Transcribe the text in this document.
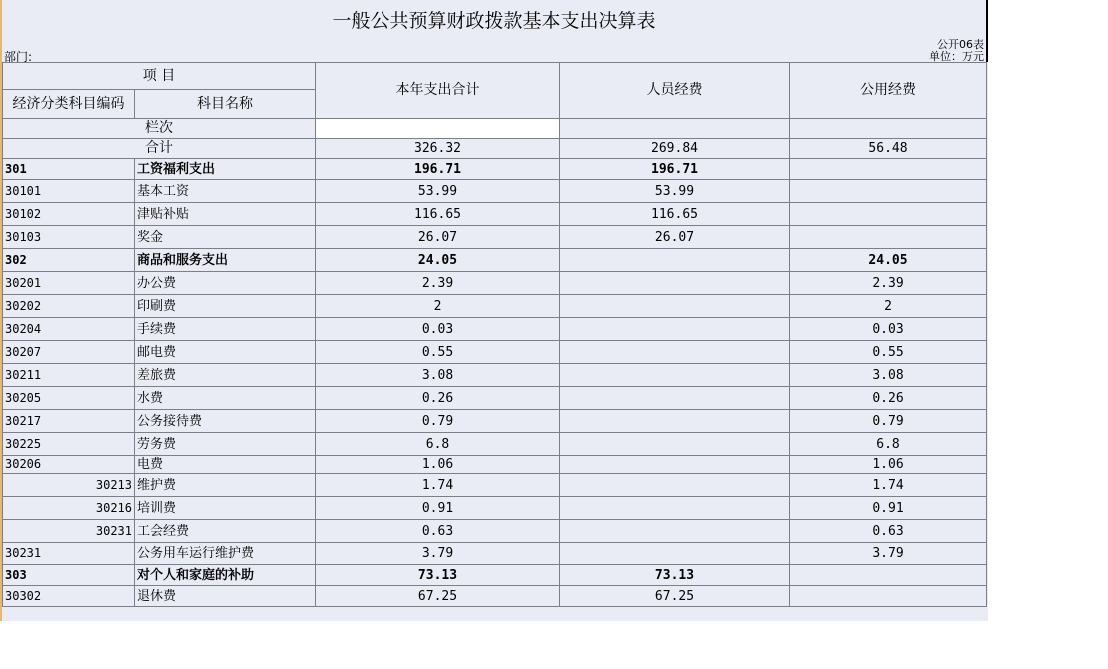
一般公共预算财政拨款基本支出决算表
部门:
公开06表
单位：万元
项 目		本年支出合计	人员经费	公用经费
经济分类科目编码	科目名称			
栏次				
合计		326.32	269.84	56.48
301	工资福利支出	196.71	196.71	
30101	基本工资	53.99	53.99	
30102	津贴补贴	116.65	116.65	
30103	奖金	26.07	26.07	
302	商品和服务支出	24.05		24.05
30201	办公费	2.39		2.39
30202	印刷费	2		2
30204	手续费	0.03		0.03
30207	邮电费	0.55		0.55
30211	差旅费	3.08		3.08
30205	水费	0.26		0.26
30217	公务接待费	0.79		0.79
30225	劳务费	6.8		6.8
30206	电费	1.06		1.06
30213	维护费	1.74		1.74
30216	培训费	0.91		0.91
30231	工会经费	0.63		0.63
30231	公务用车运行维护费	3.79		3.79
303	对个人和家庭的补助	73.13	73.13	
30302	退休费	67.25	67.25	
